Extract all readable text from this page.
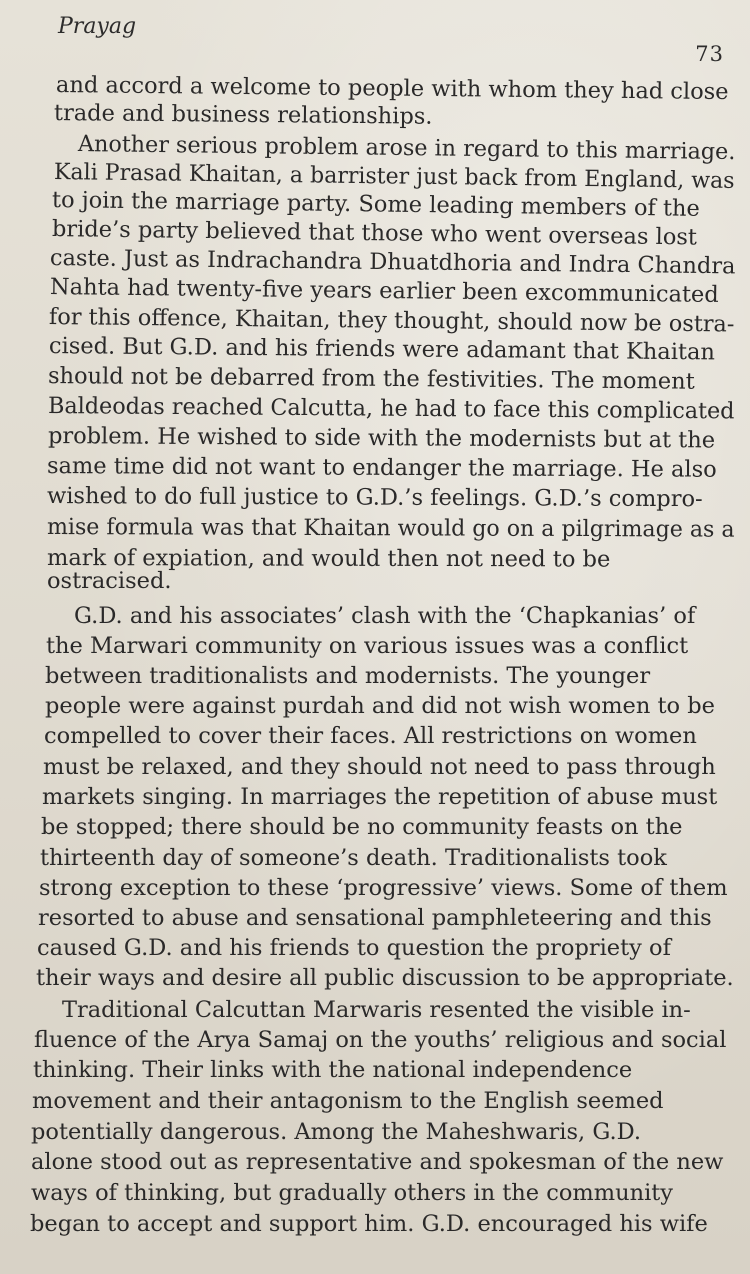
Prayag
73
and accord a welcome to people with whom they had close
trade and business relationships.
Another serious problem arose in regard to this marriage.
Kali Prasad Khaitan, a barrister just back from England, was
to join the marriage party. Some leading members of the
bride’s party believed that those who went overseas lost
caste. Just as Indrachandra Dhuatdhoria and Indra Chandra
Nahta had twenty-five years earlier been excommunicated
for this offence, Khaitan, they thought, should now be ostra-
cised. But G.D. and his friends were adamant that Khaitan
should not be debarred from the festivities. The moment
Baldeodas reached Calcutta, he had to face this complicated
problem. He wished to side with the modernists but at the
same time did not want to endanger the marriage. He also
wished to do full justice to G.D.’s feelings. G.D.’s compro-
mise formula was that Khaitan would go on a pilgrimage as a
mark of expiation, and would then not need to be
ostracised.
G.D. and his associates’ clash with the ‘Chapkanias’ of
the Marwari community on various issues was a conflict
between traditionalists and modernists. The younger
people were against purdah and did not wish women to be
compelled to cover their faces. All restrictions on women
must be relaxed, and they should not need to pass through
markets singing. In marriages the repetition of abuse must
be stopped; there should be no community feasts on the
thirteenth day of someone’s death. Traditionalists took
strong exception to these ‘progressive’ views. Some of them
resorted to abuse and sensational pamphleteering and this
caused G.D. and his friends to question the propriety of
their ways and desire all public discussion to be appropriate.
Traditional Calcuttan Marwaris resented the visible in-
fluence of the Arya Samaj on the youths’ religious and social
thinking. Their links with the national independence
movement and their antagonism to the English seemed
potentially dangerous. Among the Maheshwaris, G.D.
alone stood out as representative and spokesman of the new
ways of thinking, but gradually others in the community
began to accept and support him. G.D. encouraged his wife
